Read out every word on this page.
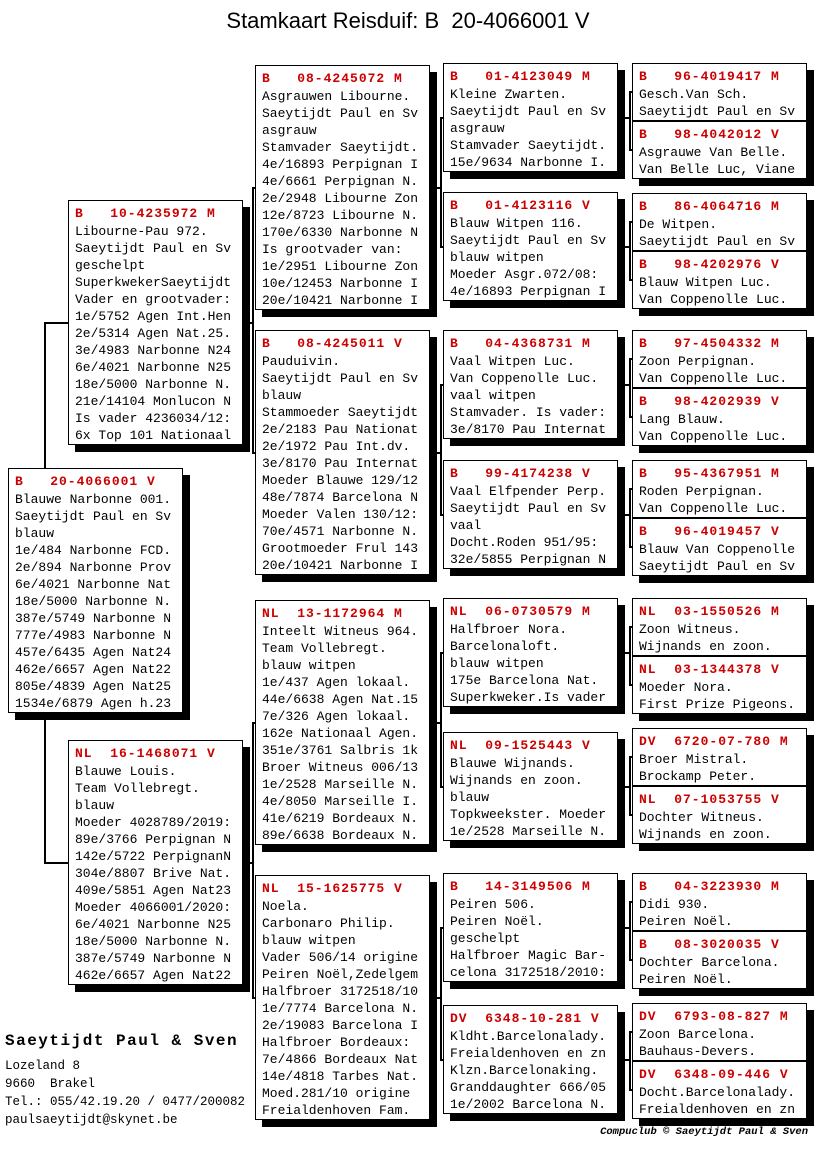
Stamkaart Reisduif: B  20-4066001 V
B   20-4066001 V
Blauwe Narbonne 001.
Saeytijdt Paul en Sv
blauw
1e/484 Narbonne FCD.
2e/894 Narbonne Prov
6e/4021 Narbonne Nat
18e/5000 Narbonne N.
387e/5749 Narbonne N
777e/4983 Narbonne N
457e/6435 Agen Nat24
462e/6657 Agen Nat22
805e/4839 Agen Nat25
1534e/6879 Agen h.23
B   10-4235972 M
Libourne-Pau 972.
Saeytijdt Paul en Sv
geschelpt
SuperkwekerSaeytijdt
Vader en grootvader:
1e/5752 Agen Int.Hen
2e/5314 Agen Nat.25.
3e/4983 Narbonne N24
6e/4021 Narbonne N25
18e/5000 Narbonne N.
21e/14104 Monlucon N
Is vader 4236034/12:
6x Top 101 Nationaal
NL  16-1468071 V
Blauwe Louis.
Team Vollebregt.
blauw
Moeder 4028789/2019:
89e/3766 Perpignan N
142e/5722 PerpignanN
304e/8807 Brive Nat.
409e/5851 Agen Nat23
Moeder 4066001/2020:
6e/4021 Narbonne N25
18e/5000 Narbonne N.
387e/5749 Narbonne N
462e/6657 Agen Nat22
B   08-4245072 M
Asgrauwen Libourne.
Saeytijdt Paul en Sv
asgrauw
Stamvader Saeytijdt.
4e/16893 Perpignan I
4e/6661 Perpignan N.
2e/2948 Libourne Zon
12e/8723 Libourne N.
170e/6330 Narbonne N
Is grootvader van:
1e/2951 Libourne Zon
10e/12453 Narbonne I
20e/10421 Narbonne I
B   08-4245011 V
Pauduivin.
Saeytijdt Paul en Sv
blauw
Stammoeder Saeytijdt
2e/2183 Pau Nationat
2e/1972 Pau Int.dv.
3e/8170 Pau Internat
Moeder Blauwe 129/12
48e/7874 Barcelona N
Moeder Valen 130/12:
70e/4571 Narbonne N.
Grootmoeder Frul 143
20e/10421 Narbonne I
NL  13-1172964 M
Inteelt Witneus 964.
Team Vollebregt.
blauw witpen
1e/437 Agen lokaal.
44e/6638 Agen Nat.15
7e/326 Agen lokaal.
162e Nationaal Agen.
351e/3761 Salbris 1k
Broer Witneus 006/13
1e/2528 Marseille N.
4e/8050 Marseille I.
41e/6219 Bordeaux N.
89e/6638 Bordeaux N.
NL  15-1625775 V
Noela.
Carbonaro Philip.
blauw witpen
Vader 506/14 origine
Peiren Noël,Zedelgem
Halfbroer 3172518/10
1e/7774 Barcelona N.
2e/19083 Barcelona I
Halfbroer Bordeaux:
7e/4866 Bordeaux Nat
14e/4818 Tarbes Nat.
Moed.281/10 origine
Freialdenhoven Fam.
B   01-4123049 M
Kleine Zwarten.
Saeytijdt Paul en Sv
asgrauw
Stamvader Saeytijdt.
15e/9634 Narbonne I.
B   01-4123116 V
Blauw Witpen 116.
Saeytijdt Paul en Sv
blauw witpen
Moeder Asgr.072/08:
4e/16893 Perpignan I
B   04-4368731 M
Vaal Witpen Luc.
Van Coppenolle Luc.
vaal witpen
Stamvader. Is vader:
3e/8170 Pau Internat
B   99-4174238 V
Vaal Elfpender Perp.
Saeytijdt Paul en Sv
vaal
Docht.Roden 951/95:
32e/5855 Perpignan N
NL  06-0730579 M
Halfbroer Nora.
Barcelonaloft.
blauw witpen
175e Barcelona Nat.
Superkweker.Is vader
NL  09-1525443 V
Blauwe Wijnands.
Wijnands en zoon.
blauw
Topkweekster. Moeder
1e/2528 Marseille N.
B   14-3149506 M
Peiren 506.
Peiren Noël.
geschelpt
Halfbroer Magic Bar-
celona 3172518/2010:
DV  6348-10-281 V
Kldht.Barcelonalady.
Freialdenhoven en zn
Klzn.Barcelonaking.
Granddaughter 666/05
1e/2002 Barcelona N.
B   96-4019417 M
Gesch.Van Sch.
Saeytijdt Paul en Sv
B   98-4042012 V
Asgrauwe Van Belle.
Van Belle Luc, Viane
B   86-4064716 M
De Witpen.
Saeytijdt Paul en Sv
B   98-4202976 V
Blauw Witpen Luc.
Van Coppenolle Luc.
B   97-4504332 M
Zoon Perpignan.
Van Coppenolle Luc.
B   98-4202939 V
Lang Blauw.
Van Coppenolle Luc.
B   95-4367951 M
Roden Perpignan.
Van Coppenolle Luc.
B   96-4019457 V
Blauw Van Coppenolle
Saeytijdt Paul en Sv
NL  03-1550526 M
Zoon Witneus.
Wijnands en zoon.
NL  03-1344378 V
Moeder Nora.
First Prize Pigeons.
DV  6720-07-780 M
Broer Mistral.
Brockamp Peter.
NL  07-1053755 V
Dochter Witneus.
Wijnands en zoon.
B   04-3223930 M
Didi 930.
Peiren Noël.
B   08-3020035 V
Dochter Barcelona.
Peiren Noël.
DV  6793-08-827 M
Zoon Barcelona.
Bauhaus-Devers.
DV  6348-09-446 V
Docht.Barcelonalady.
Freialdenhoven en zn
Saeytijdt Paul & Sven
Lozeland 8
9660  Brakel
Tel.: 055/42.19.20 / 0477/200082
paulsaeytijdt@skynet.be
Compuclub © Saeytijdt Paul & Sven
